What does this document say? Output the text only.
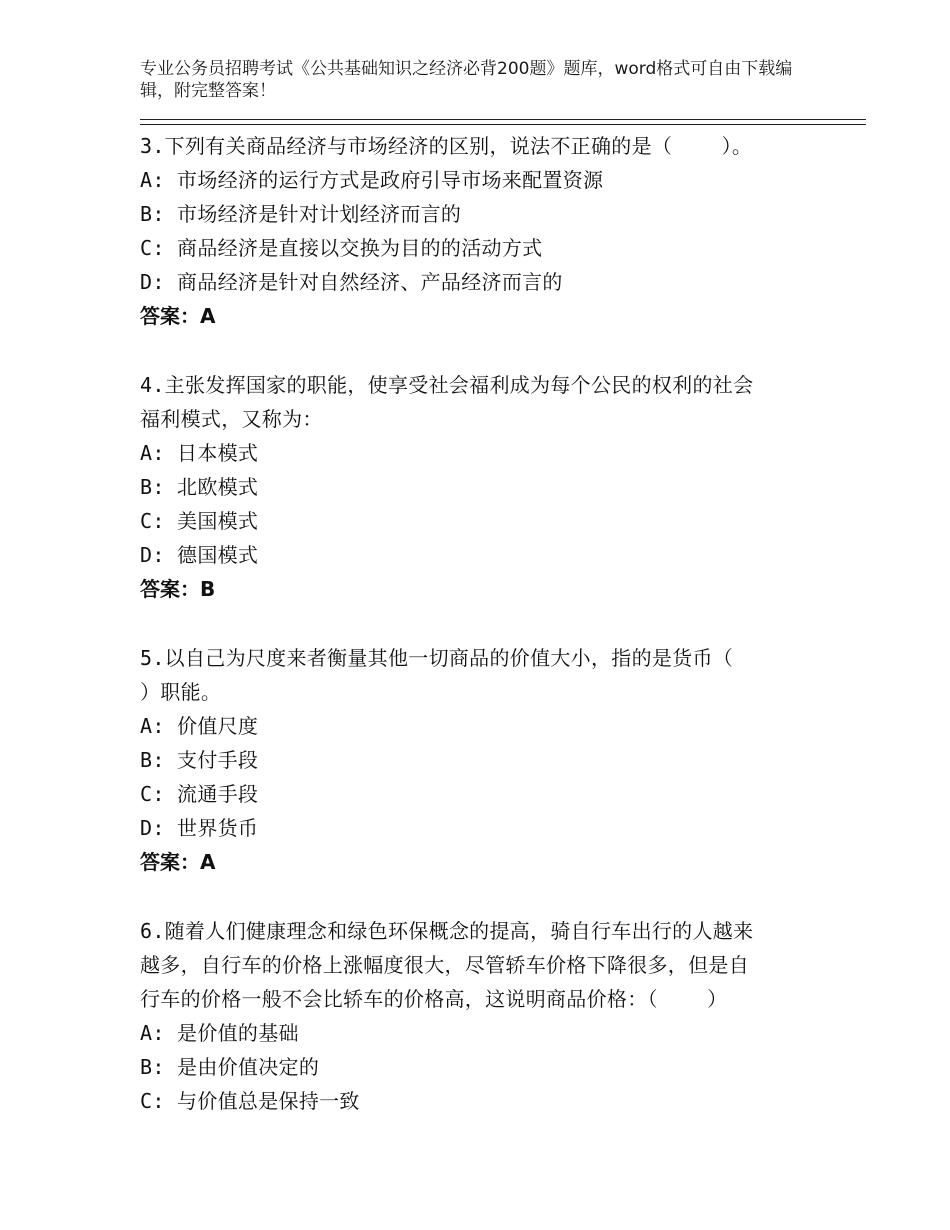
专业公务员招聘考试《公共基础知识之经济必背200题》题库，word格式可自由下载编辑，附完整答案！
3.下列有关商品经济与市场经济的区别，说法不正确的是（    ）。
A: 市场经济的运行方式是政府引导市场来配置资源
B: 市场经济是针对计划经济而言的
C: 商品经济是直接以交换为目的的活动方式
D: 商品经济是针对自然经济、产品经济而言的
答案：A
4.主张发挥国家的职能，使享受社会福利成为每个公民的权利的社会
福利模式，又称为：
A: 日本模式
B: 北欧模式
C: 美国模式
D: 德国模式
答案：B
5.以自己为尺度来者衡量其他一切商品的价值大小，指的是货币（
）职能。
A: 价值尺度
B: 支付手段
C: 流通手段
D: 世界货币
答案：A
6.随着人们健康理念和绿色环保概念的提高，骑自行车出行的人越来
越多，自行车的价格上涨幅度很大，尽管轿车价格下降很多，但是自
行车的价格一般不会比轿车的价格高，这说明商品价格：（    ）
A: 是价值的基础
B: 是由价值决定的
C: 与价值总是保持一致
